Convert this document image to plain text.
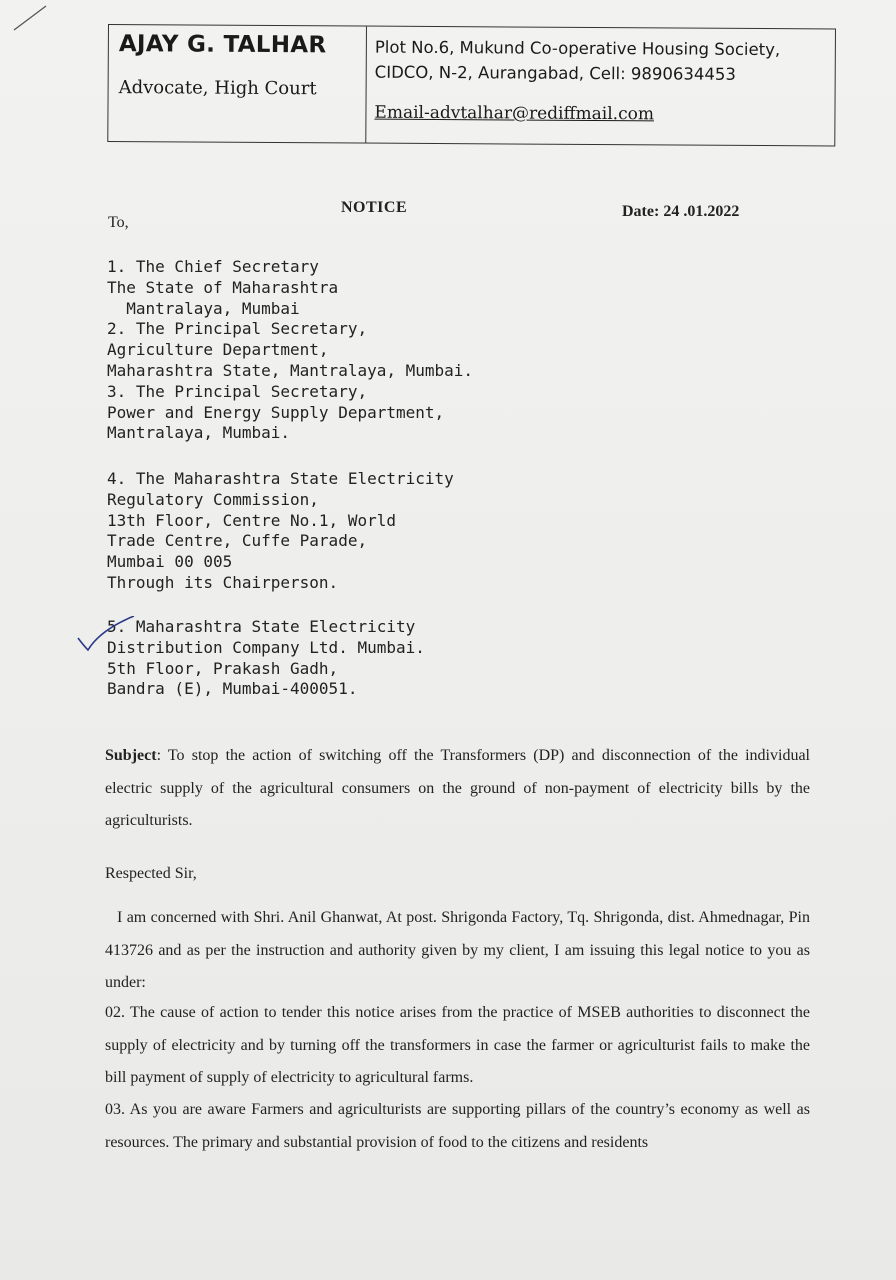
AJAY G. TALHAR
Advocate, High Court
Plot No.6, Mukund Co-operative Housing Society,
CIDCO, N-2, Aurangabad, Cell: 9890634453
Email-advtalhar@rediffmail.com
NOTICE	Date: 24 .01.2022
To,
1. The Chief Secretary
The State of Maharashtra
Mantralaya, Mumbai
2. The Principal Secretary,
Agriculture Department,
Maharashtra State, Mantralaya, Mumbai.
3. The Principal Secretary,
Power and Energy Supply Department,
Mantralaya, Mumbai.
4. The Maharashtra State Electricity
Regulatory Commission,
13th Floor, Centre No.1, World
Trade Centre, Cuffe Parade,
Mumbai 00 005
Through its Chairperson.
5. Maharashtra State Electricity
Distribution Company Ltd. Mumbai.
5th Floor, Prakash Gadh,
Bandra (E), Mumbai-400051.

Subject: To stop the action of switching off the Transformers (DP) and disconnection of the individual electric supply of the agricultural consumers on the ground of non-payment of electricity bills by the agriculturists.

Respected Sir,

I am concerned with Shri. Anil Ghanwat, At post. Shrigonda Factory, Tq. Shrigonda, dist. Ahmednagar, Pin 413726 and as per the instruction and authority given by my client, I am issuing this legal notice to you as under:

02. The cause of action to tender this notice arises from the practice of MSEB authorities to disconnect the supply of electricity and by turning off the transformers in case the farmer or agriculturist fails to make the bill payment of supply of electricity to agricultural farms.

03. As you are aware Farmers and agriculturists are supporting pillars of the country’s economy as well as resources. The primary and substantial provision of food to the citizens and residents
